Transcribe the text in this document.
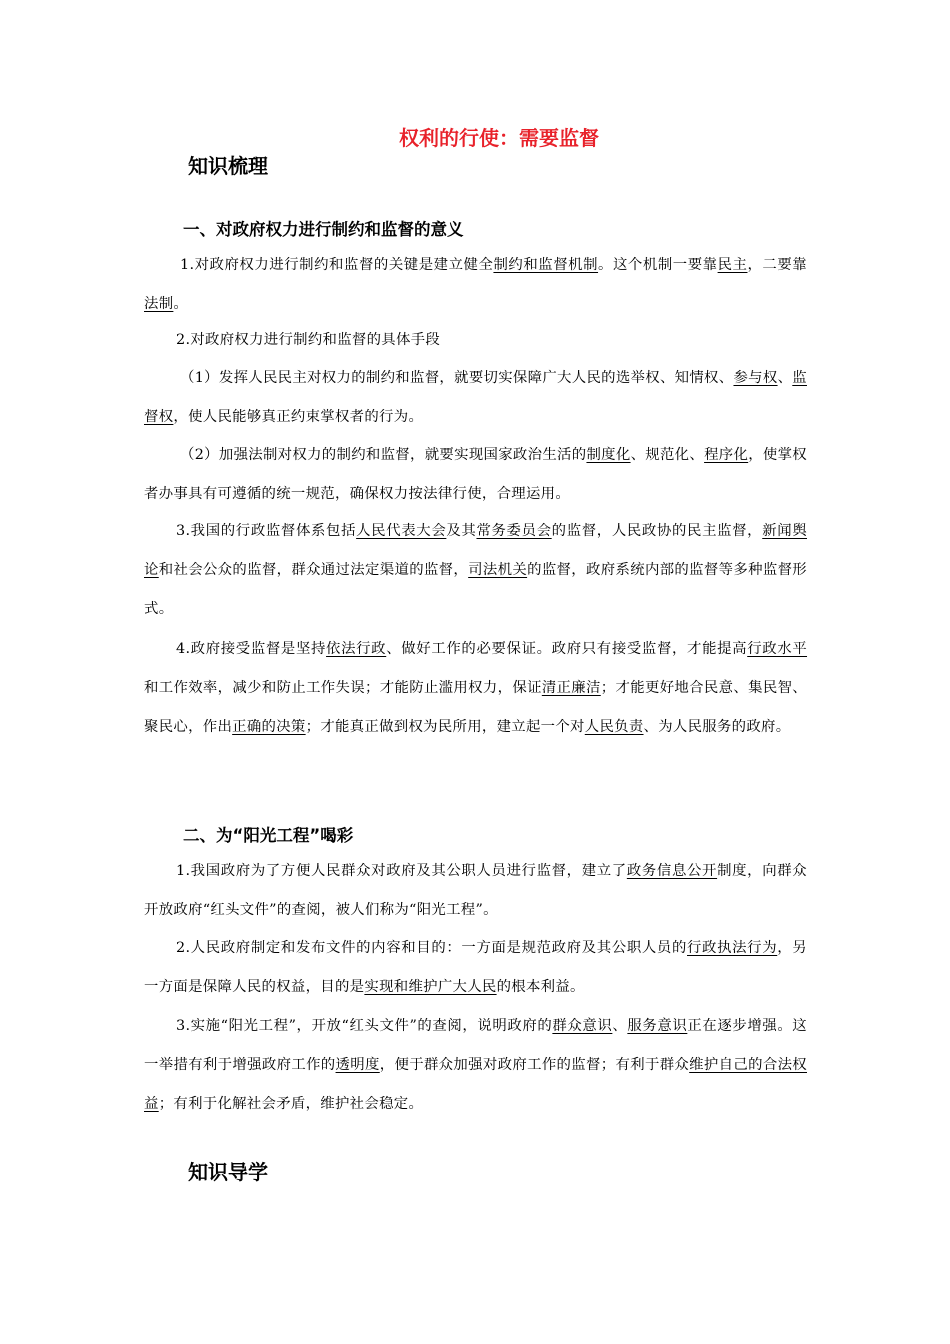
权利的行使：需要监督
知识梳理
一、对政府权力进行制约和监督的意义
1.对政府权力进行制约和监督的关键是建立健全制约和监督机制。这个机制一要靠民主，二要靠法制。
2.对政府权力进行制约和监督的具体手段
（1）发挥人民民主对权力的制约和监督，就要切实保障广大人民的选举权、知情权、参与权、监督权，使人民能够真正约束掌权者的行为。
（2）加强法制对权力的制约和监督，就要实现国家政治生活的制度化、规范化、程序化，使掌权者办事具有可遵循的统一规范，确保权力按法律行使，合理运用。
3.我国的行政监督体系包括人民代表大会及其常务委员会的监督，人民政协的民主监督，新闻舆论和社会公众的监督，群众通过法定渠道的监督，司法机关的监督，政府系统内部的监督等多种监督形式。
4.政府接受监督是坚持依法行政、做好工作的必要保证。政府只有接受监督，才能提高行政水平和工作效率，减少和防止工作失误；才能防止滥用权力，保证清正廉洁；才能更好地合民意、集民智、聚民心，作出正确的决策；才能真正做到权为民所用，建立起一个对人民负责、为人民服务的政府。
二、为“阳光工程”喝彩
1.我国政府为了方便人民群众对政府及其公职人员进行监督，建立了政务信息公开制度，向群众开放政府“红头文件”的查阅，被人们称为“阳光工程”。
2.人民政府制定和发布文件的内容和目的：一方面是规范政府及其公职人员的行政执法行为，另一方面是保障人民的权益，目的是实现和维护广大人民的根本利益。
3.实施“阳光工程”，开放“红头文件”的查阅，说明政府的群众意识、服务意识正在逐步增强。这一举措有利于增强政府工作的透明度，便于群众加强对政府工作的监督；有利于群众维护自己的合法权益；有利于化解社会矛盾，维护社会稳定。
知识导学
